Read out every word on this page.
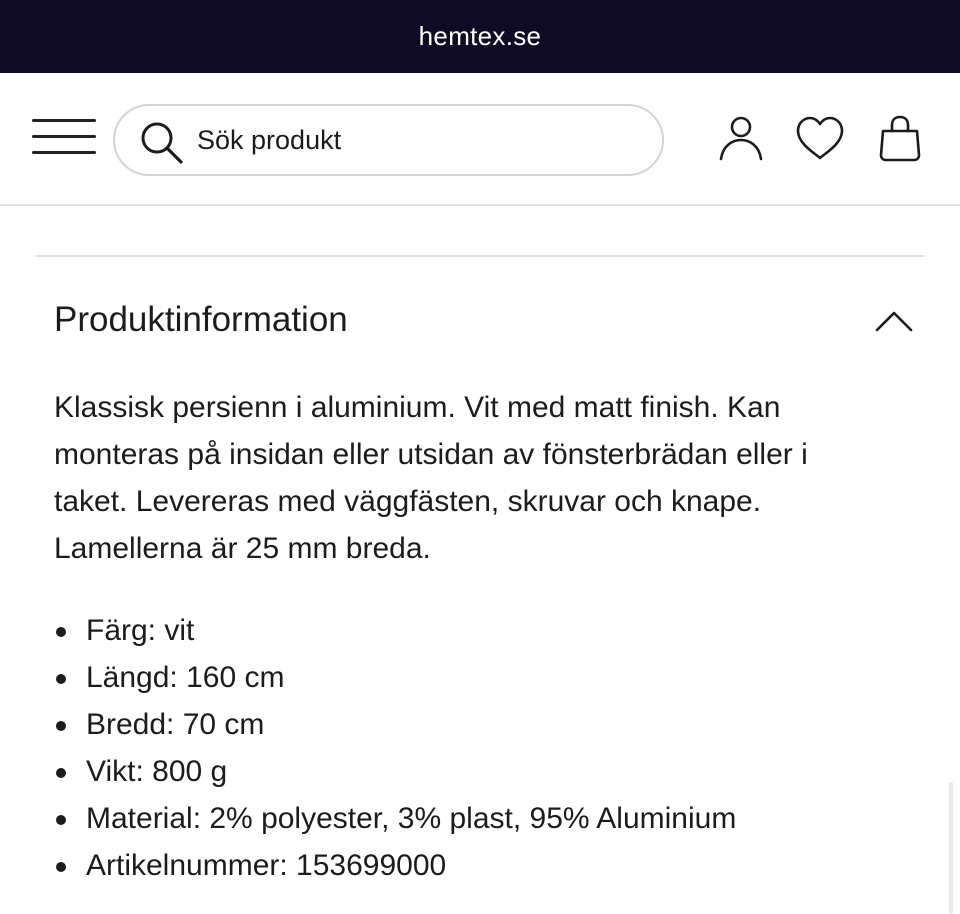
hemtex.se
Sök produkt
Produktinformation
Klassisk persienn i aluminium. Vit med matt finish. Kan
monteras på insidan eller utsidan av fönsterbrädan eller i
taket. Levereras med väggfästen, skruvar och knape.
Lamellerna är 25 mm breda.
Färg: vit
Längd: 160 cm
Bredd: 70 cm
Vikt: 800 g
Material: 2% polyester, 3% plast, 95% Aluminium
Artikelnummer: 153699000
